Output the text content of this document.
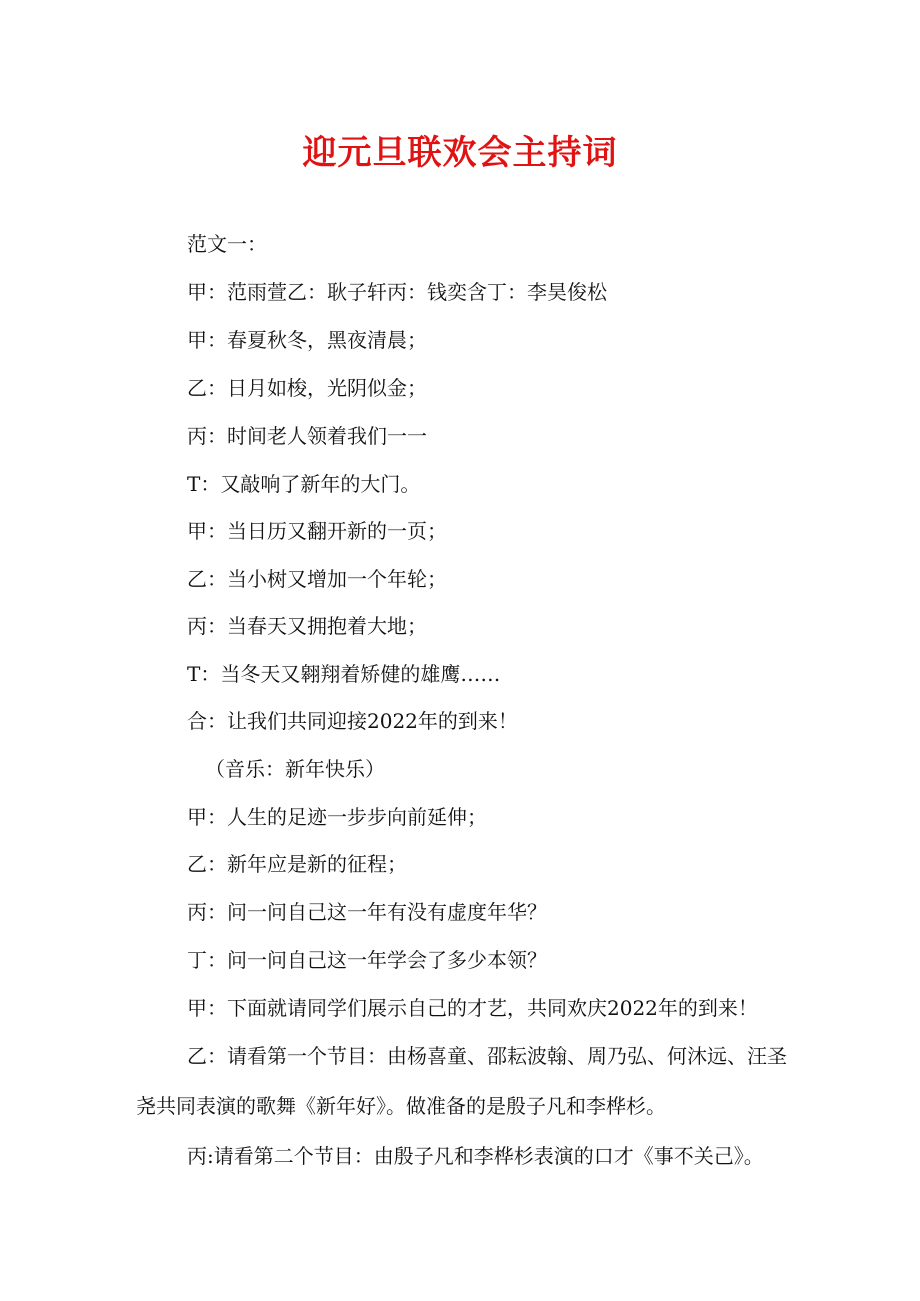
迎元旦联欢会主持词

范文一：

甲：范雨萱乙：耿子轩丙：钱奕含丁：李昊俊松

甲：春夏秋冬，黑夜清晨；

乙：日月如梭，光阴似金；

丙：时间老人领着我们一一

T：又敲响了新年的大门。

甲：当日历又翻开新的一页；

乙：当小树又增加一个年轮；

丙：当春天又拥抱着大地；

T：当冬天又翱翔着矫健的雄鹰……

合：让我们共同迎接2022年的到来！

（音乐：新年快乐）

甲：人生的足迹一步步向前延伸；

乙：新年应是新的征程；

丙：问一问自己这一年有没有虚度年华？

丁：问一问自己这一年学会了多少本领？

甲：下面就请同学们展示自己的才艺，共同欢庆2022年的到来！

乙：请看第一个节目：由杨喜童、邵耘波翰、周乃弘、何沐远、汪圣

尧共同表演的歌舞《新年好》。做准备的是殷子凡和李桦杉。

丙:请看第二个节目：由殷子凡和李桦杉表演的口才《事不关己》。
